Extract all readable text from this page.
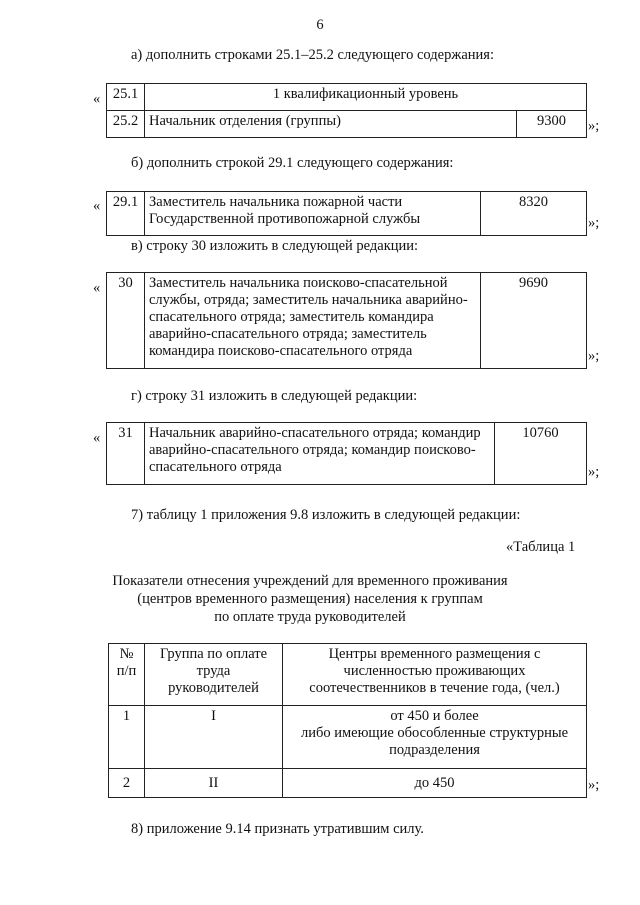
6
а) дополнить строками 25.1–25.2 следующего содержания:
« 25.1	1 квалификационный уровень	
25.2	Начальник отделения (группы)	9300 »;
б) дополнить строкой 29.1 следующего содержания:
« 29.1	Заместитель начальника пожарной части
Государственной противопожарной службы
	8320
»;
в) строку 30 изложить в следующей редакции:
« 30	Заместитель начальника поисково-спасательной
службы, отряда; заместитель начальника аварийно-
спасательного отряда; заместитель командира
аварийно-спасательного отряда; заместитель
командира поисково-спасательного отряда
	9690
»;
г) строку 31 изложить в следующей редакции:
« 31	Начальник аварийно-спасательного отряда; командир
аварийно-спасательного отряда; командир поисково-
спасательного отряда
	10760
»;
7) таблицу 1 приложения 9.8 изложить в следующей редакции:
«Таблица 1
Показатели отнесения учреждений для временного проживания
(центров временного размещения) населения к группам
по оплате труда руководителей
№
п/п	Группа по оплате
труда
руководителей	Центры временного размещения с
численностью проживающих
соотечественников в течение года, (чел.)

1	I	от 450 и более
либо имеющие обособленные структурные
подразделения

2	II	до 450	»;
8) приложение 9.14 признать утратившим силу.
